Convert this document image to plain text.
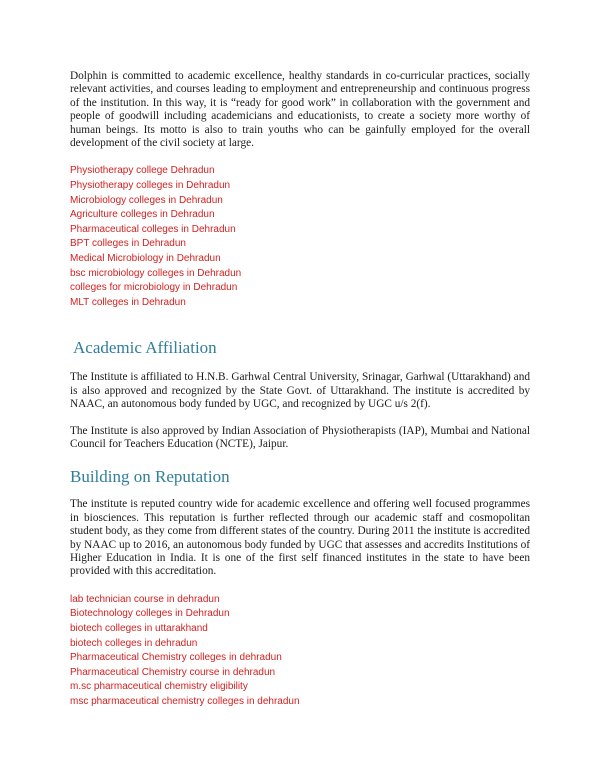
Dolphin is committed to academic excellence, healthy standards in co-curricular practices, socially relevant activities, and courses leading to employment and entrepreneurship and continuous progress of the institution. In this way, it is “ready for good work” in collaboration with the government and people of goodwill including academicians and educationists, to create a society more worthy of human beings. Its motto is also to train youths who can be gainfully employed for the overall development of the civil society at large.

Physiotherapy college Dehradun
Physiotherapy colleges in Dehradun
Microbiology colleges in Dehradun
Agriculture colleges in Dehradun
Pharmaceutical colleges in Dehradun
BPT colleges in Dehradun
Medical Microbiology in Dehradun
bsc microbiology colleges in Dehradun
colleges for microbiology in Dehradun
MLT colleges in Dehradun
Academic Affiliation

The Institute is affiliated to H.N.B. Garhwal Central University, Srinagar, Garhwal (Uttarakhand) and is also approved and recognized by the State Govt. of Uttarakhand. The institute is accredited by NAAC, an autonomous body funded by UGC, and recognized by UGC u/s 2(f).

The Institute is also approved by Indian Association of Physiotherapists (IAP), Mumbai and National Council for Teachers Education (NCTE), Jaipur.

Building on Reputation

The institute is reputed country wide for academic excellence and offering well focused programmes in biosciences. This reputation is further reflected through our academic staff and cosmopolitan student body, as they come from different states of the country. During 2011 the institute is accredited by NAAC up to 2016, an autonomous body funded by UGC that assesses and accredits Institutions of Higher Education in India. It is one of the first self financed institutes in the state to have been provided with this accreditation.

lab technician course in dehradun
Biotechnology colleges in Dehradun
biotech colleges in uttarakhand
biotech colleges in dehradun
Pharmaceutical Chemistry colleges in dehradun
Pharmaceutical Chemistry course in dehradun
m.sc pharmaceutical chemistry eligibility
msc pharmaceutical chemistry colleges in dehradun
